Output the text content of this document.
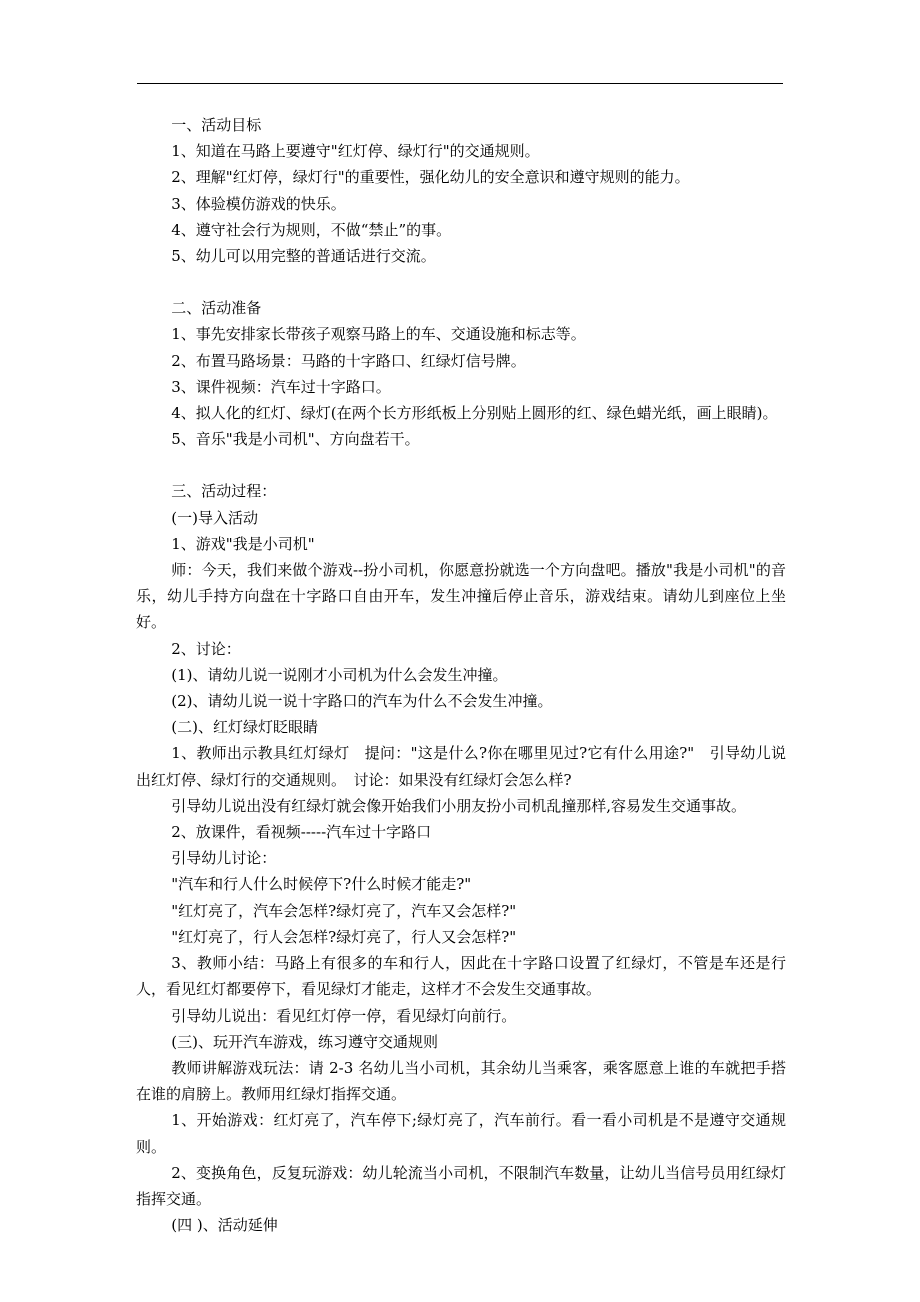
一、活动目标

1、知道在马路上要遵守"红灯停、绿灯行"的交通规则。

2、理解"红灯停，绿灯行"的重要性，强化幼儿的安全意识和遵守规则的能力。

3、体验模仿游戏的快乐。

4、遵守社会行为规则，不做“禁止”的事。

5、幼儿可以用完整的普通话进行交流。

二、活动准备

1、事先安排家长带孩子观察马路上的车、交通设施和标志等。

2、布置马路场景：马路的十字路口、红绿灯信号牌。

3、课件视频：汽车过十字路口。

4、拟人化的红灯、绿灯(在两个长方形纸板上分别贴上圆形的红、绿色蜡光纸，画上眼睛)。

5、音乐"我是小司机"、方向盘若干。

三、活动过程：

(一)导入活动

1、游戏"我是小司机"

师：今天，我们来做个游戏--扮小司机，你愿意扮就选一个方向盘吧。播放"我是小司机"的音乐，幼儿手持方向盘在十字路口自由开车，发生冲撞后停止音乐，游戏结束。请幼儿到座位上坐好。

2、讨论：

(1)、请幼儿说一说刚才小司机为什么会发生冲撞。

(2)、请幼儿说一说十字路口的汽车为什么不会发生冲撞。

(二)、红灯绿灯眨眼睛

1、教师出示教具红灯绿灯　提问："这是什么?你在哪里见过?它有什么用途?"　引导幼儿说出红灯停、绿灯行的交通规则。　讨论：如果没有红绿灯会怎么样?

引导幼儿说出没有红绿灯就会像开始我们小朋友扮小司机乱撞那样,容易发生交通事故。

2、放课件，看视频-----汽车过十字路口

引导幼儿讨论：

"汽车和行人什么时候停下?什么时候才能走?"

"红灯亮了，汽车会怎样?绿灯亮了，汽车又会怎样?"

"红灯亮了，行人会怎样?绿灯亮了，行人又会怎样?"

3、教师小结：马路上有很多的车和行人，因此在十字路口设置了红绿灯，不管是车还是行人，看见红灯都要停下，看见绿灯才能走，这样才不会发生交通事故。

引导幼儿说出：看见红灯停一停，看见绿灯向前行。

(三)、玩开汽车游戏，练习遵守交通规则

教师讲解游戏玩法：请 2-3 名幼儿当小司机，其余幼儿当乘客，乘客愿意上谁的车就把手搭在谁的肩膀上。教师用红绿灯指挥交通。

1、开始游戏：红灯亮了，汽车停下;绿灯亮了，汽车前行。看一看小司机是不是遵守交通规则。

2、变换角色，反复玩游戏：幼儿轮流当小司机，不限制汽车数量，让幼儿当信号员用红绿灯指挥交通。

(四 )、活动延伸
